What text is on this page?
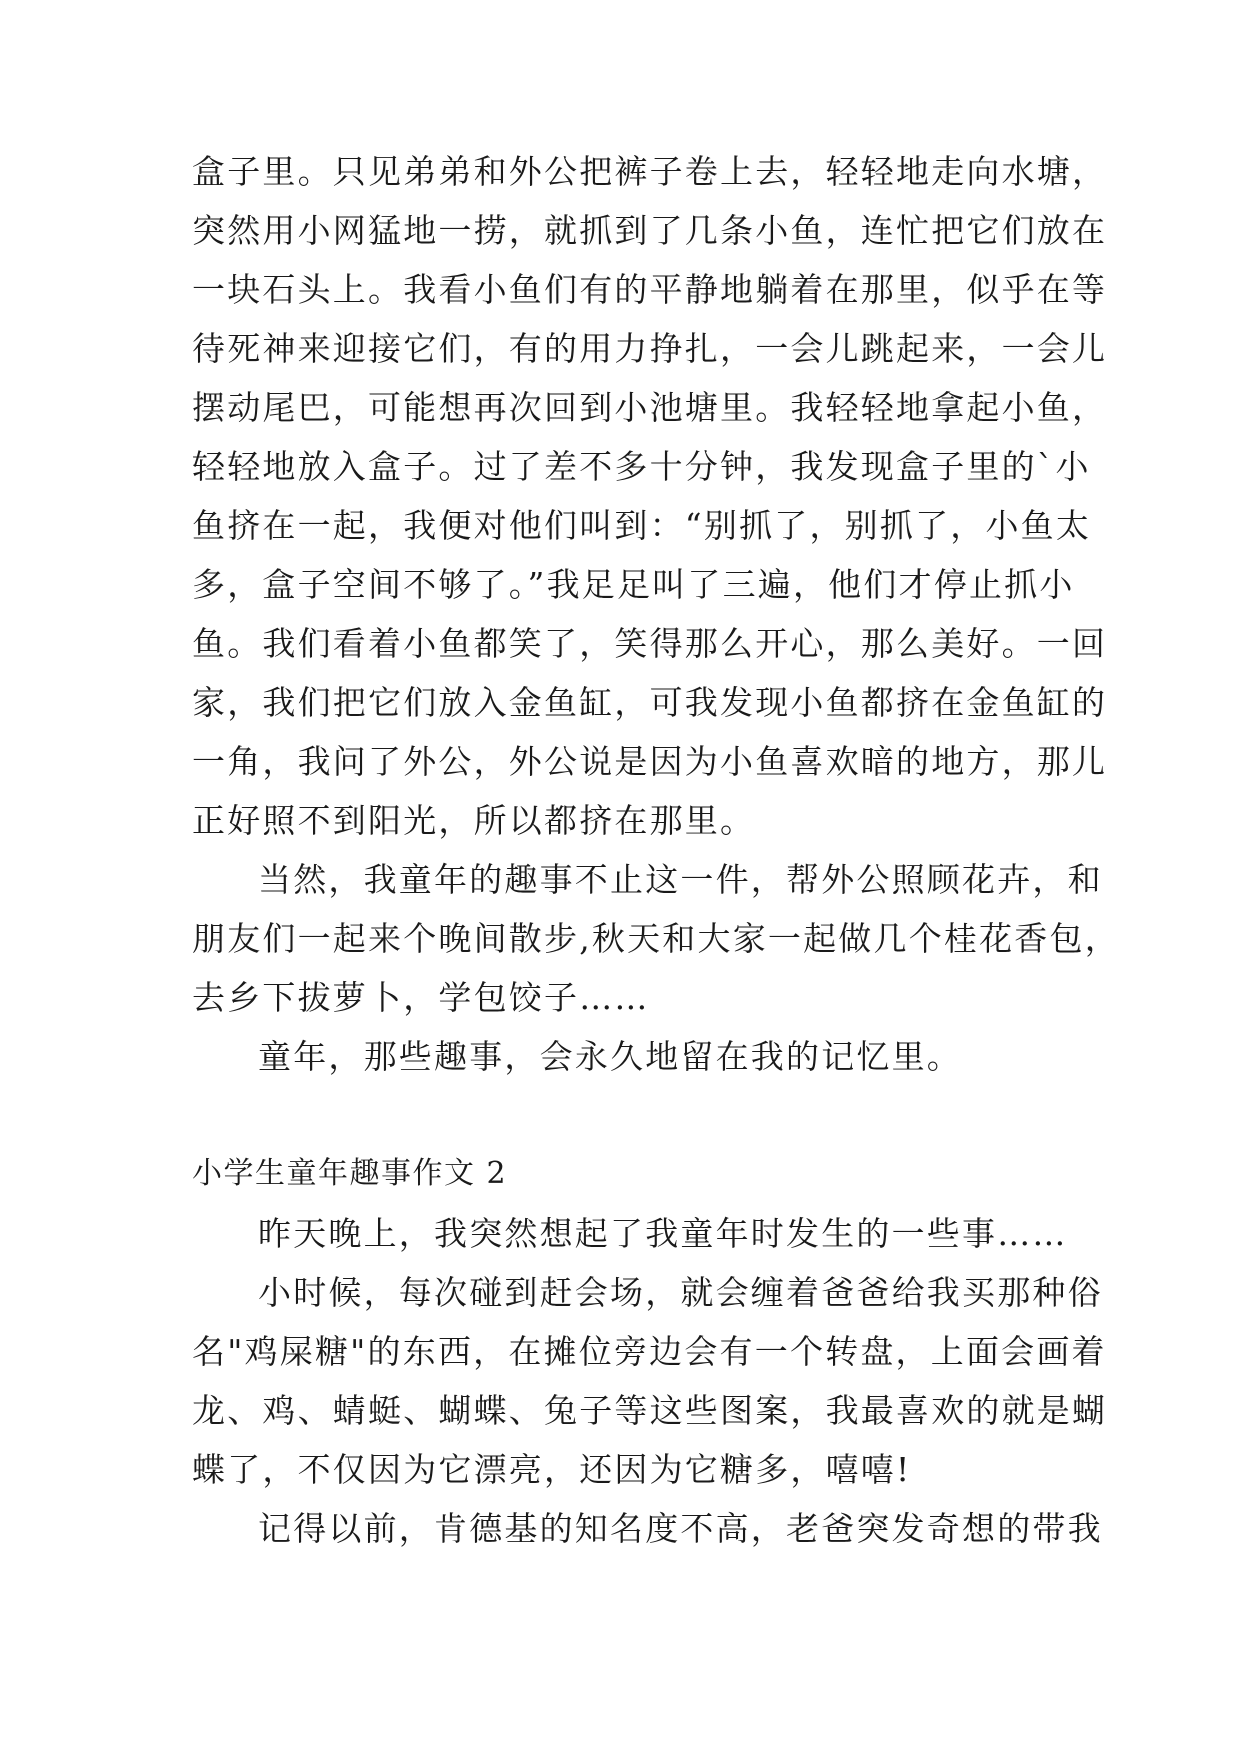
盒子里。只见弟弟和外公把裤子卷上去，轻轻地走向水塘，
突然用小网猛地一捞，就抓到了几条小鱼，连忙把它们放在
一块石头上。我看小鱼们有的平静地躺着在那里，似乎在等
待死神来迎接它们，有的用力挣扎，一会儿跳起来，一会儿
摆动尾巴，可能想再次回到小池塘里。我轻轻地拿起小鱼，
轻轻地放入盒子。过了差不多十分钟，我发现盒子里的`小
鱼挤在一起，我便对他们叫到：“别抓了，别抓了，小鱼太
多，盒子空间不够了。”我足足叫了三遍，他们才停止抓小
鱼。我们看着小鱼都笑了，笑得那么开心，那么美好。一回
家，我们把它们放入金鱼缸，可我发现小鱼都挤在金鱼缸的
一角，我问了外公，外公说是因为小鱼喜欢暗的地方，那儿
正好照不到阳光，所以都挤在那里。
当然，我童年的趣事不止这一件，帮外公照顾花卉，和
朋友们一起来个晚间散步,秋天和大家一起做几个桂花香包，
去乡下拔萝卜，学包饺子……
童年，那些趣事，会永久地留在我的记忆里。
小学生童年趣事作文 2
昨天晚上，我突然想起了我童年时发生的一些事……
小时候，每次碰到赶会场，就会缠着爸爸给我买那种俗
名"鸡屎糖"的东西，在摊位旁边会有一个转盘，上面会画着
龙、鸡、蜻蜓、蝴蝶、兔子等这些图案，我最喜欢的就是蝴
蝶了，不仅因为它漂亮，还因为它糖多，嘻嘻!
记得以前，肯德基的知名度不高，老爸突发奇想的带我
